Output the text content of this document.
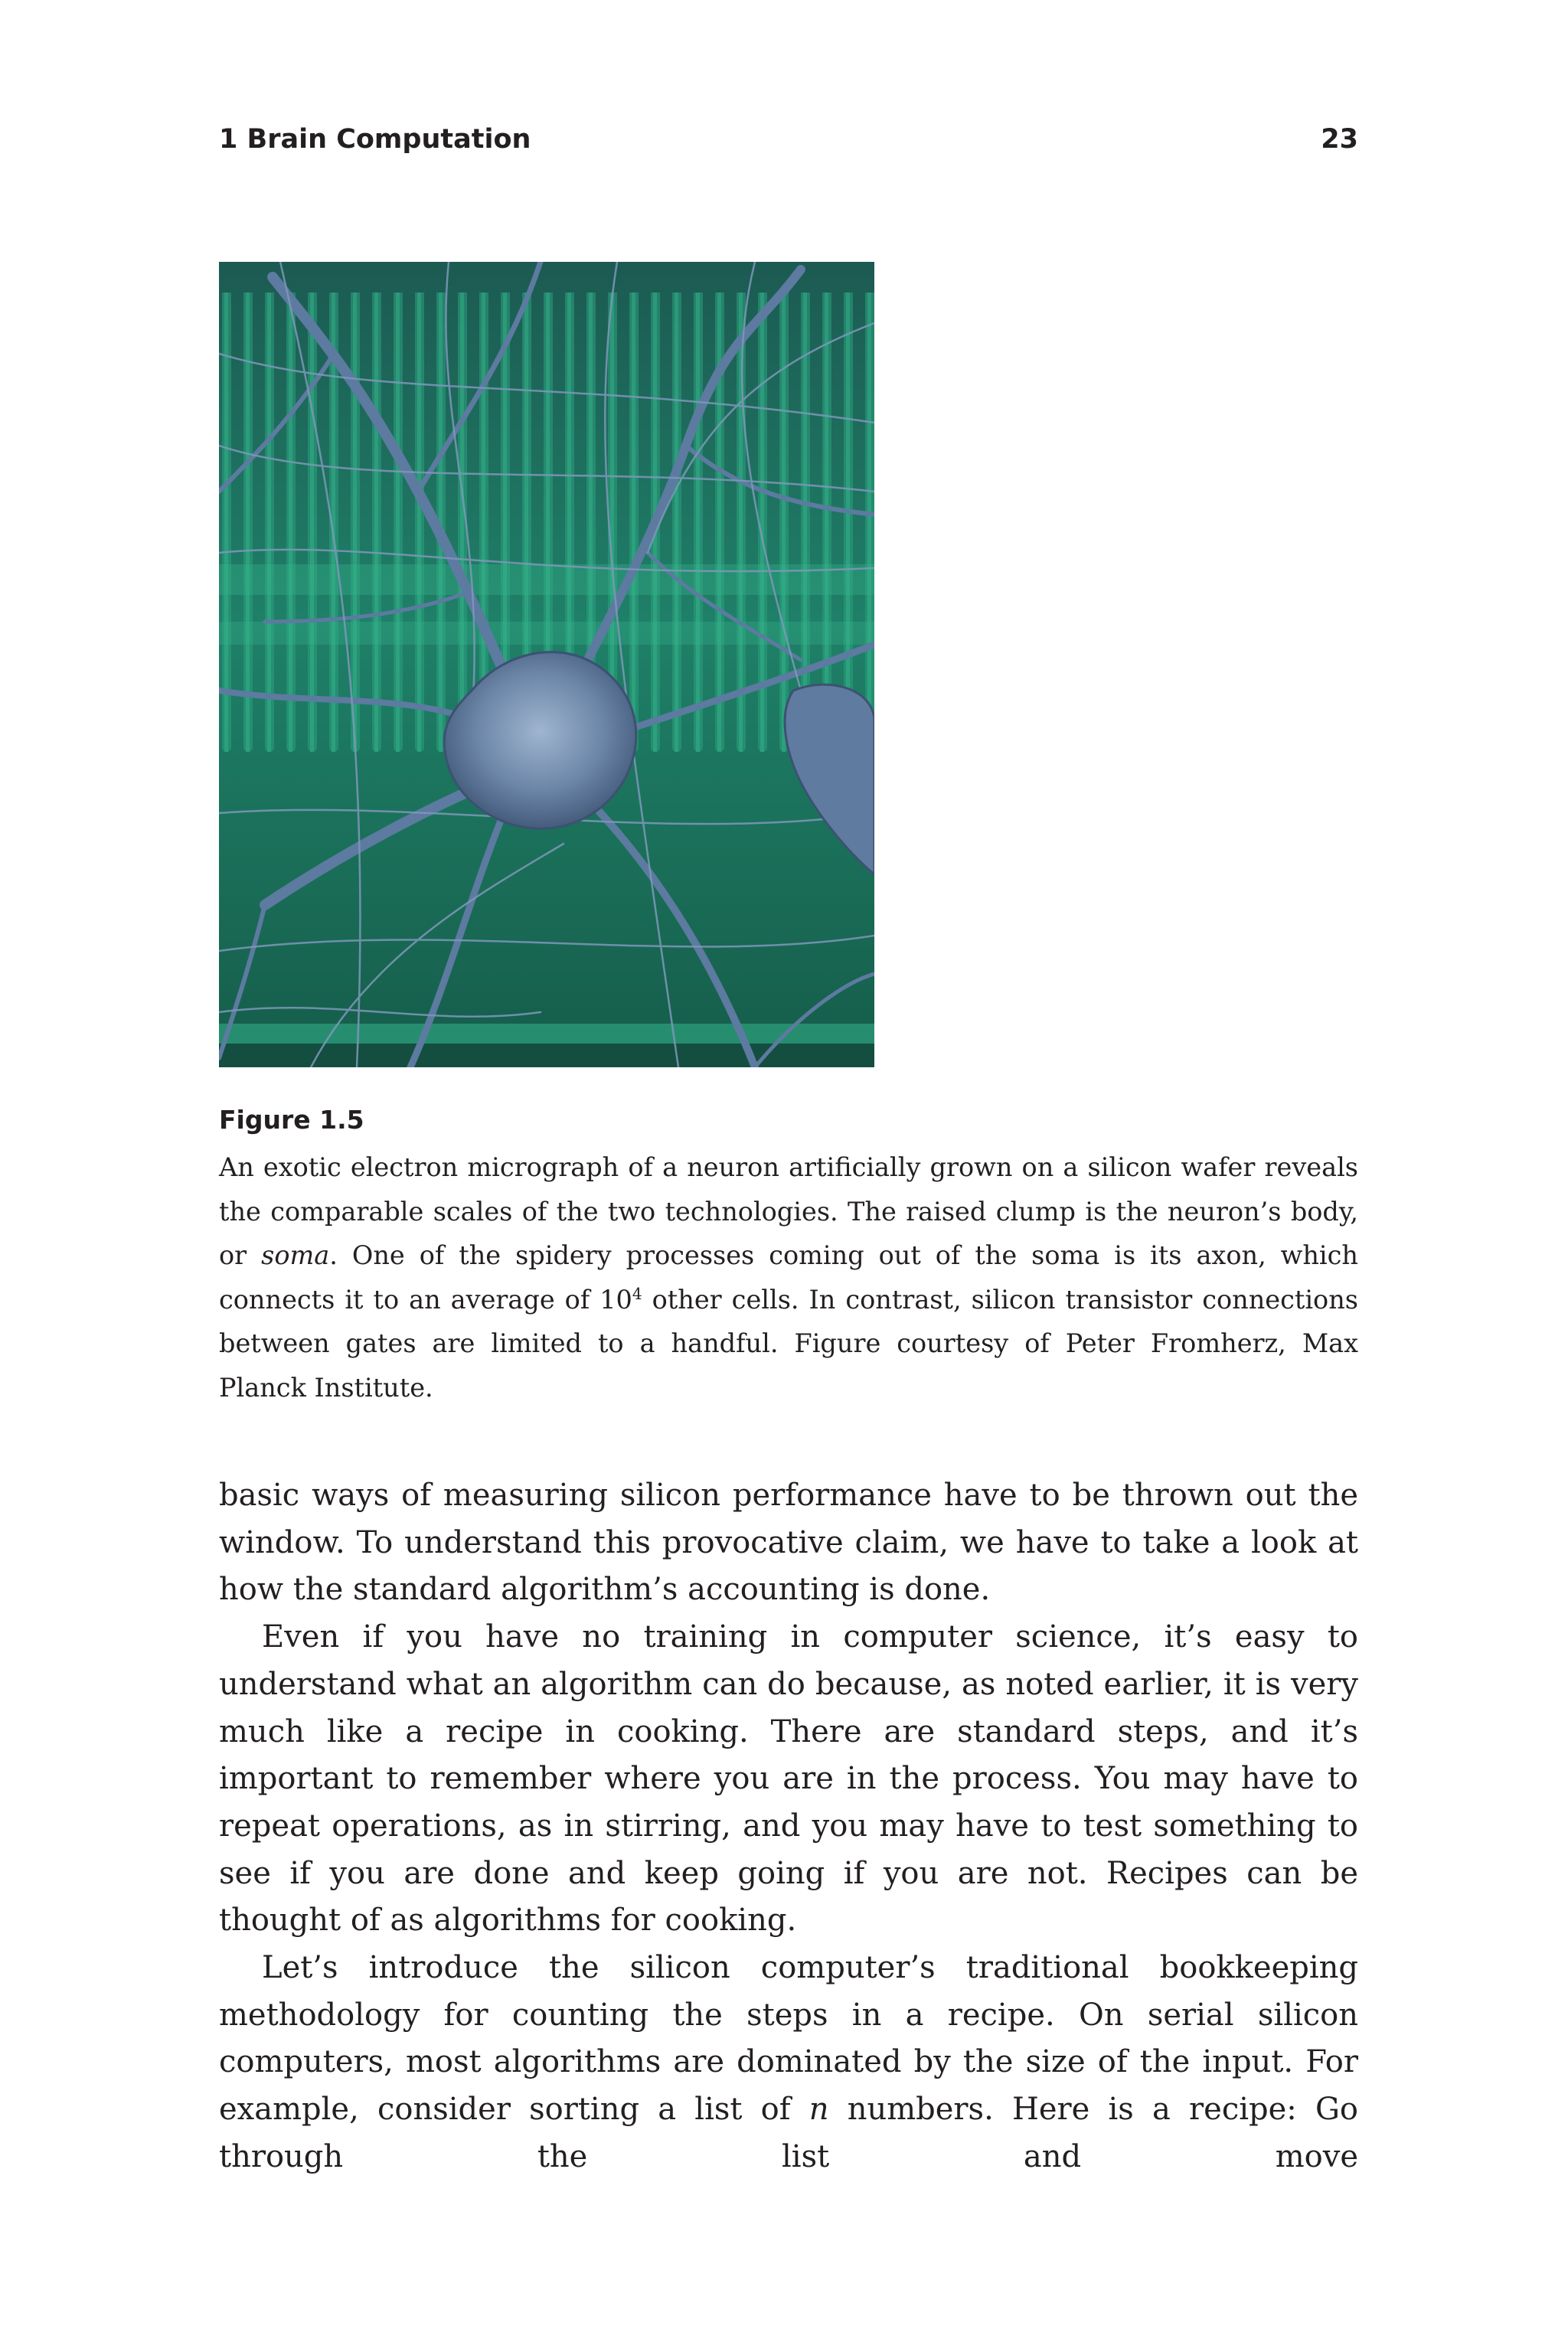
1 Brain Computation	23
Figure 1.5

An exotic electron micrograph of a neuron artificially grown on a silicon wafer reveals the comparable scales of the two technologies. The raised clump is the neuron’s body, or soma. One of the spidery processes coming out of the soma is its axon, which connects it to an average of $10^4$ other cells. In contrast, silicon transistor connections between gates are limited to a handful. Figure courtesy of Peter Fromherz, Max Planck Institute.

basic ways of measuring silicon performance have to be thrown out the window. To understand this provocative claim, we have to take a look at how the standard algorithm’s accounting is done.

Even if you have no training in computer science, it’s easy to understand what an algorithm can do because, as noted earlier, it is very much like a recipe in cooking. There are standard steps, and it’s important to remember where you are in the process. You may have to repeat operations, as in stirring, and you may have to test something to see if you are done and keep going if you are not. Recipes can be thought of as algorithms for cooking.

Let’s introduce the silicon computer’s traditional bookkeeping methodology for counting the steps in a recipe. On serial silicon computers, most algorithms are dominated by the size of the input. For example, consider sorting a list of n numbers. Here is a recipe: Go through the list and move
